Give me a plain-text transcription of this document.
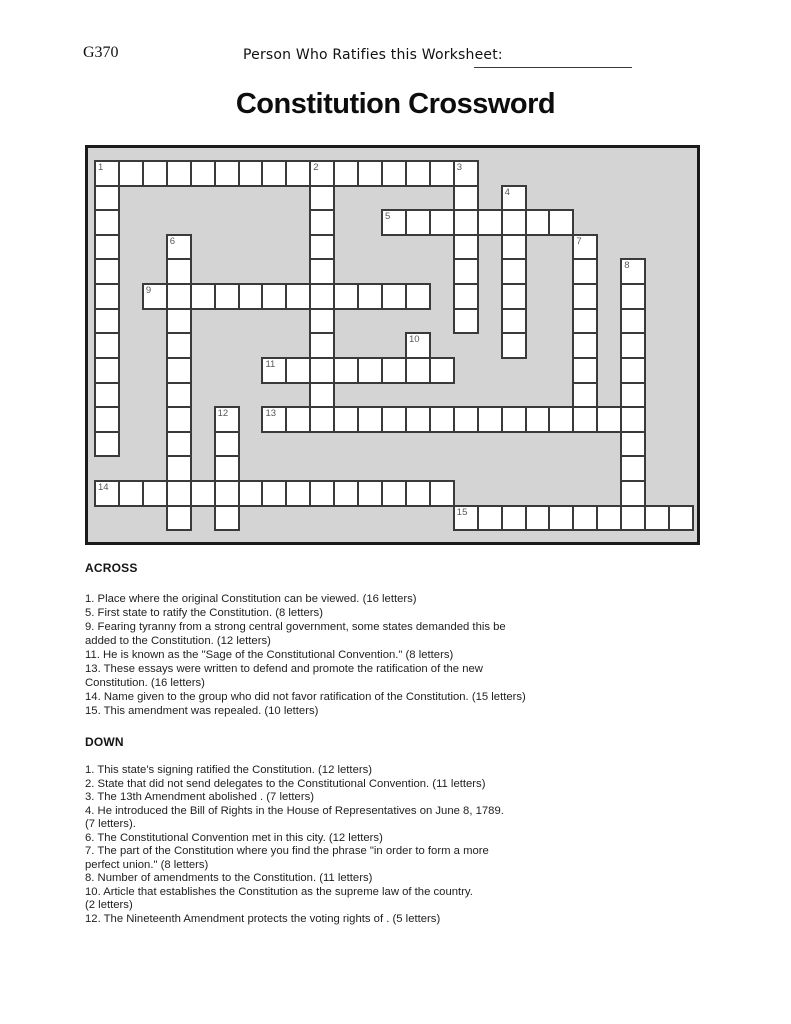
G370	Person Who Ratifies this Worksheet:
Constitution Crossword
1	2	3
4
5
6	7
8
9
10
11
12	13
14
15
ACROSS
1. Place where the original Constitution can be viewed. (16 letters)
5. First state to ratify the Constitution. (8 letters)
9. Fearing tyranny from a strong central government, some states demanded this be
added to the Constitution. (12 letters)
11. He is known as the "Sage of the Constitutional Convention." (8 letters)
13. These essays were written to defend and promote the ratification of the new
Constitution. (16 letters)
14. Name given to the group who did not favor ratification of the Constitution. (15 letters)
15. This amendment was repealed. (10 letters)
DOWN
1. This state's signing ratified the Constitution. (12 letters)
2. State that did not send delegates to the Constitutional Convention. (11 letters)
3. The 13th Amendment abolished . (7 letters)
4. He introduced the Bill of Rights in the House of Representatives on June 8, 1789.
(7 letters).
6. The Constitutional Convention met in this city. (12 letters)
7. The part of the Constitution where you find the phrase "in order to form a more
perfect union." (8 letters)
8. Number of amendments to the Constitution. (11 letters)
10. Article that establishes the Constitution as the supreme law of the country.
(2 letters)
12. The Nineteenth Amendment protects the voting rights of . (5 letters)
